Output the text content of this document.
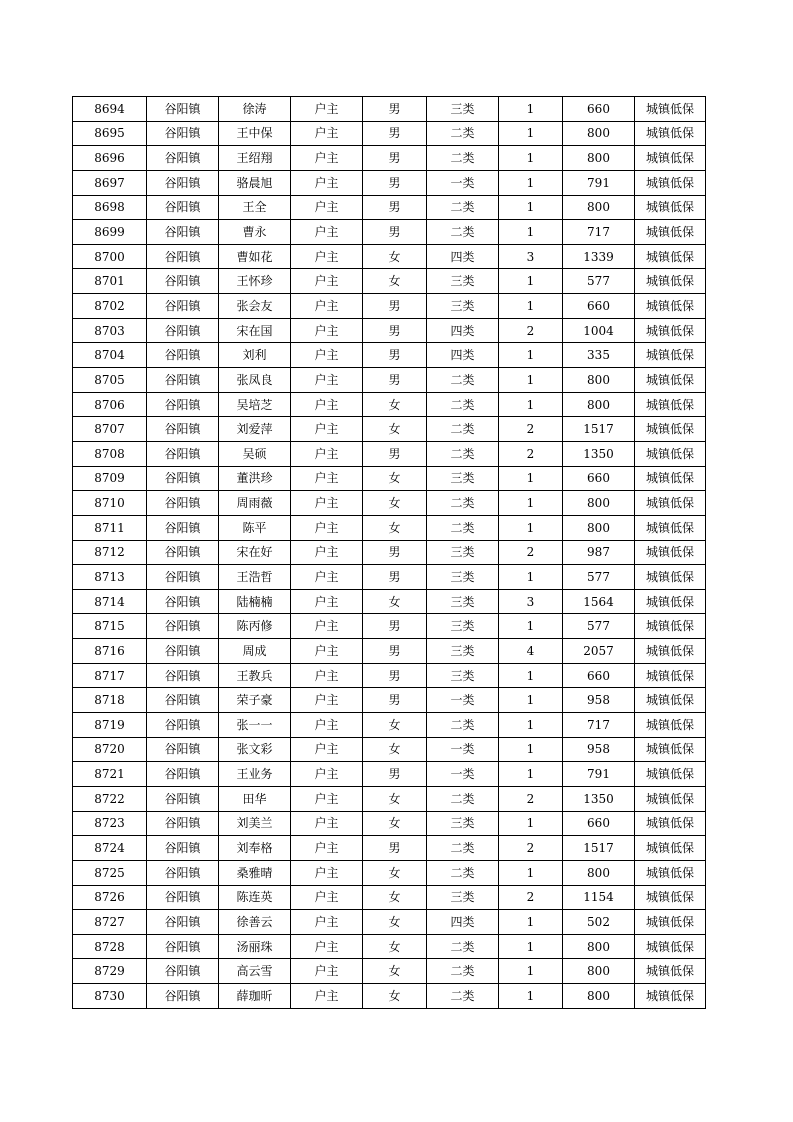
8694	谷阳镇	徐涛	户主	男	三类	1	660	城镇低保
8695	谷阳镇	王中保	户主	男	二类	1	800	城镇低保
8696	谷阳镇	王绍翔	户主	男	二类	1	800	城镇低保
8697	谷阳镇	骆晨旭	户主	男	一类	1	791	城镇低保
8698	谷阳镇	王全	户主	男	二类	1	800	城镇低保
8699	谷阳镇	曹永	户主	男	二类	1	717	城镇低保
8700	谷阳镇	曹如花	户主	女	四类	3	1339	城镇低保
8701	谷阳镇	王怀珍	户主	女	三类	1	577	城镇低保
8702	谷阳镇	张会友	户主	男	三类	1	660	城镇低保
8703	谷阳镇	宋在国	户主	男	四类	2	1004	城镇低保
8704	谷阳镇	刘利	户主	男	四类	1	335	城镇低保
8705	谷阳镇	张凤良	户主	男	二类	1	800	城镇低保
8706	谷阳镇	吴培芝	户主	女	二类	1	800	城镇低保
8707	谷阳镇	刘爱萍	户主	女	二类	2	1517	城镇低保
8708	谷阳镇	吴硕	户主	男	二类	2	1350	城镇低保
8709	谷阳镇	董洪珍	户主	女	三类	1	660	城镇低保
8710	谷阳镇	周雨薇	户主	女	二类	1	800	城镇低保
8711	谷阳镇	陈平	户主	女	二类	1	800	城镇低保
8712	谷阳镇	宋在好	户主	男	三类	2	987	城镇低保
8713	谷阳镇	王浩哲	户主	男	三类	1	577	城镇低保
8714	谷阳镇	陆楠楠	户主	女	三类	3	1564	城镇低保
8715	谷阳镇	陈丙修	户主	男	三类	1	577	城镇低保
8716	谷阳镇	周成	户主	男	三类	4	2057	城镇低保
8717	谷阳镇	王教兵	户主	男	三类	1	660	城镇低保
8718	谷阳镇	荣子豪	户主	男	一类	1	958	城镇低保
8719	谷阳镇	张一一	户主	女	二类	1	717	城镇低保
8720	谷阳镇	张文彩	户主	女	一类	1	958	城镇低保
8721	谷阳镇	王业务	户主	男	一类	1	791	城镇低保
8722	谷阳镇	田华	户主	女	二类	2	1350	城镇低保
8723	谷阳镇	刘美兰	户主	女	三类	1	660	城镇低保
8724	谷阳镇	刘奉格	户主	男	二类	2	1517	城镇低保
8725	谷阳镇	桑雅晴	户主	女	二类	1	800	城镇低保
8726	谷阳镇	陈连英	户主	女	三类	2	1154	城镇低保
8727	谷阳镇	徐善云	户主	女	四类	1	502	城镇低保
8728	谷阳镇	汤丽珠	户主	女	二类	1	800	城镇低保
8729	谷阳镇	高云雪	户主	女	二类	1	800	城镇低保
8730	谷阳镇	薛珈昕	户主	女	二类	1	800	城镇低保
